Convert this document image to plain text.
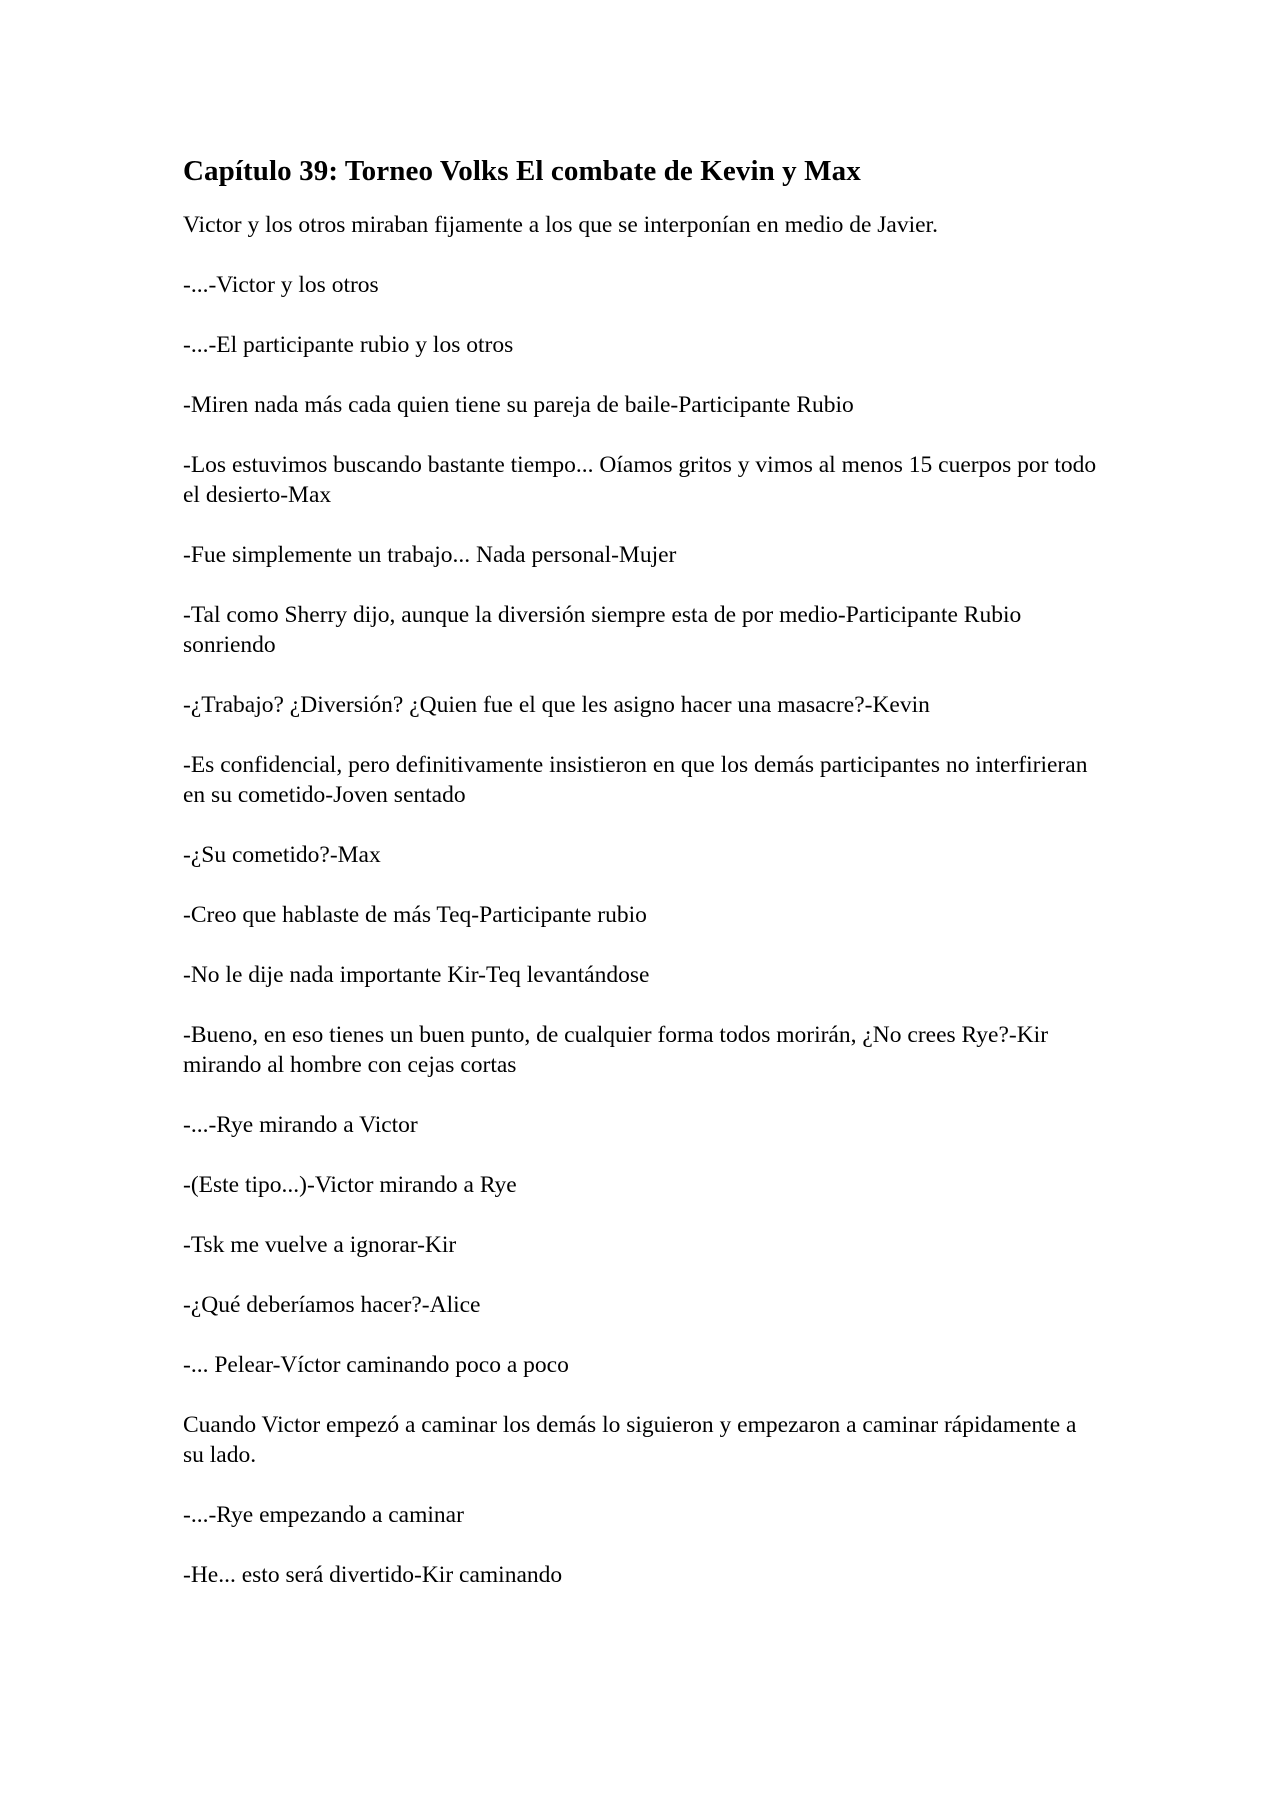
Capítulo 39: Torneo Volks El combate de Kevin y Max

Victor y los otros miraban fijamente a los que se interponían en medio de Javier.

-...-Victor y los otros

-...-El participante rubio y los otros

-Miren nada más cada quien tiene su pareja de baile-Participante Rubio

-Los estuvimos buscando bastante tiempo... Oíamos gritos y vimos al menos 15 cuerpos por todo el desierto-Max

-Fue simplemente un trabajo... Nada personal-Mujer

-Tal como Sherry dijo, aunque la diversión siempre esta de por medio-Participante Rubio sonriendo

-¿Trabajo? ¿Diversión? ¿Quien fue el que les asigno hacer una masacre?-Kevin

-Es confidencial, pero definitivamente insistieron en que los demás participantes no interfirieran en su cometido-Joven sentado

-¿Su cometido?-Max

-Creo que hablaste de más Teq-Participante rubio

-No le dije nada importante Kir-Teq levantándose

-Bueno, en eso tienes un buen punto, de cualquier forma todos morirán, ¿No crees Rye?-Kir mirando al hombre con cejas cortas

-...-Rye mirando a Victor

-(Este tipo...)-Victor mirando a Rye

-Tsk me vuelve a ignorar-Kir

-¿Qué deberíamos hacer?-Alice

-... Pelear-Víctor caminando poco a poco

Cuando Victor empezó a caminar los demás lo siguieron y empezaron a caminar rápidamente a su lado.

-...-Rye empezando a caminar

-He... esto será divertido-Kir caminando
